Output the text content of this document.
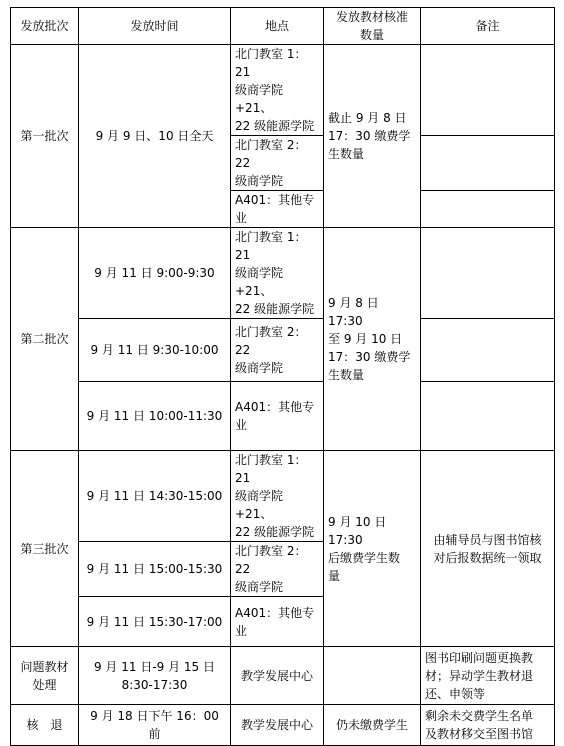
发放批次	发放时间	地点	发放教材核准
数量	备注
第一批次	9 月 9 日、10 日全天	北门教室 1：21
级商学院+21、
22 级能源学院	截止 9 月 8 日
17：30 缴费学
生数量	
		北门教室 2：22
级商学院		
		A401：其他专业		
第二批次	9 月 11 日 9:00-9:30	北门教室 1：21
级商学院+21、
22 级能源学院	9 月 8 日 17:30
至 9 月 10 日
17：30 缴费学
生数量	
	9 月 11 日 9:30-10:00	北门教室 2：22
级商学院		
	9 月 11 日 10:00-11:30	A401：其他专业		
第三批次	9 月 11 日 14:30-15:00	北门教室 1：21
级商学院+21、
22 级能源学院	9 月 10 日 17:30
后缴费学生数
量	由辅导员与图书馆核
对后报数据统一领取
	9 月 11 日 15:00-15:30	北门教室 2：22
级商学院		
	9 月 11 日 15:30-17:00	A401：其他专业		
问题教材
处理	9 月 11 日-9 月 15 日
8:30-17:30	教学发展中心		图书印刷问题更换教
材；异动学生教材退
还、申领等
核　退	9 月 18 日下午 16：00
前	教学发展中心	仍未缴费学生	剩余未交费学生名单
及教材移交至图书馆
